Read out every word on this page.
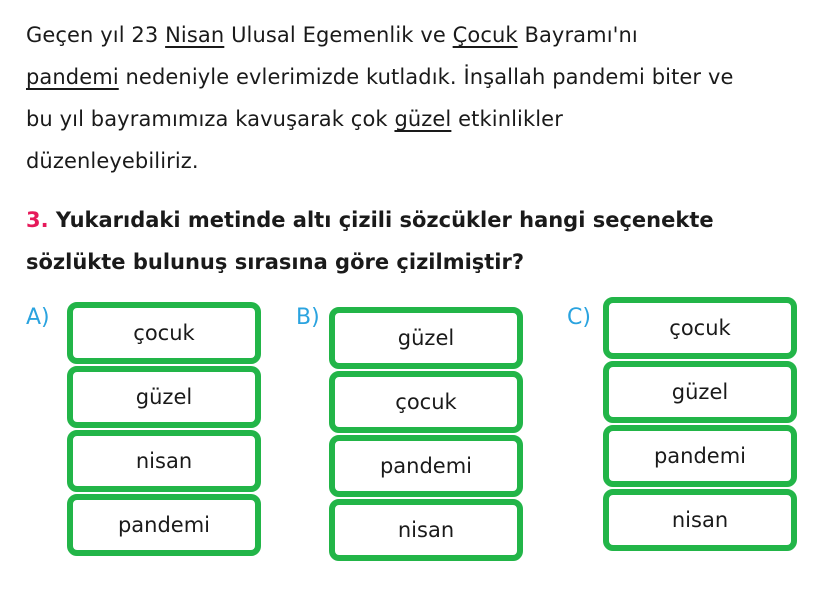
Geçen yıl 23 Nisan Ulusal Egemenlik ve Çocuk Bayramı'nı
pandemi nedeniyle evlerimizde kutladık. İnşallah pandemi biter ve
bu yıl bayramımıza kavuşarak çok güzel etkinlikler
düzenleyebiliriz.

3. Yukarıdaki metinde altı çizili sözcükler hangi seçenekte sözlükte bulunuş sırasına göre çizilmiştir?

A)
çocuk
güzel
nisan
pandemi
B)
güzel
çocuk
pandemi
nisan
C)	çocuk
güzel
pandemi
nisan
